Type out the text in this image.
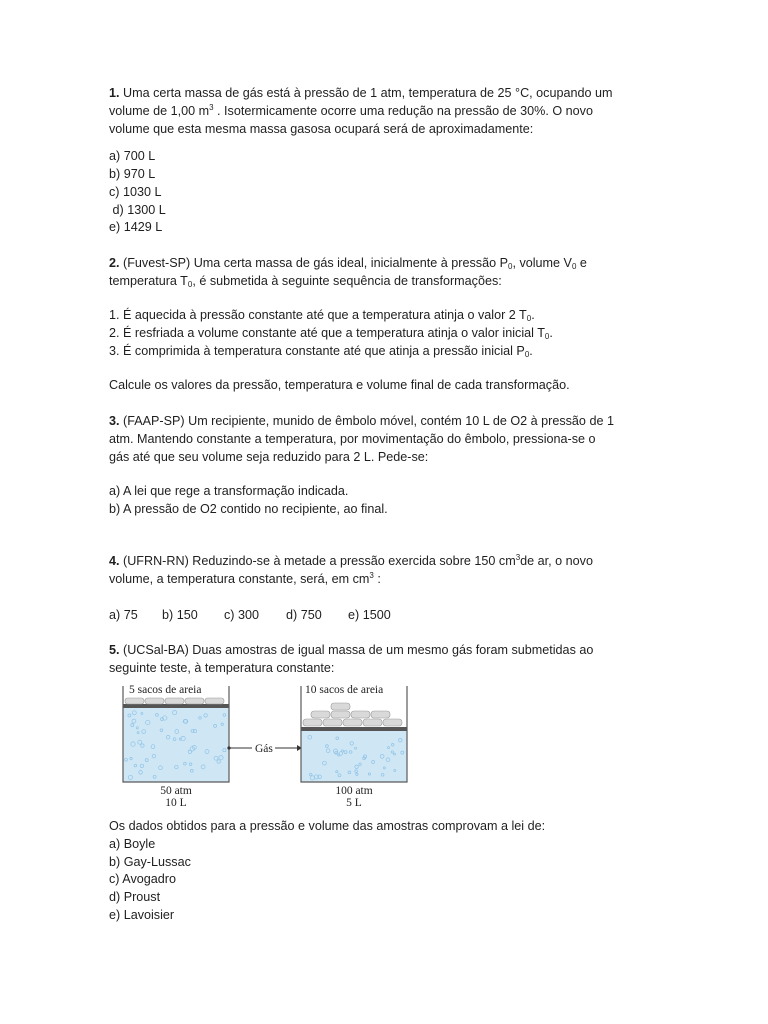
1. Uma certa massa de gás está à pressão de 1 atm, temperatura de 25 °C, ocupando um
volume de 1,00 $m^3$ . Isotermicamente ocorre uma redução na pressão de 30%. O novo
volume que esta mesma massa gasosa ocupará será de aproximadamente:
a) 700 L
b) 970 L
c) 1030 L
d) 1300 L
e) 1429 L
2. (Fuvest-SP) Uma certa massa de gás ideal, inicialmente à pressão $P_0$, volume $V_0$ e
temperatura $T_0$, é submetida à seguinte sequência de transformações:
1. É aquecida à pressão constante até que a temperatura atinja o valor 2 $T_0$.
2. É resfriada a volume constante até que a temperatura atinja o valor inicial $T_0$.
3. É comprimida à temperatura constante até que atinja a pressão inicial $P_0$.
Calcule os valores da pressão, temperatura e volume final de cada transformação.
3. (FAAP-SP) Um recipiente, munido de êmbolo móvel, contém 10 L de O2 à pressão de 1
atm. Mantendo constante a temperatura, por movimentação do êmbolo, pressiona-se o
gás até que seu volume seja reduzido para 2 L. Pede-se:
a) A lei que rege a transformação indicada.
b) A pressão de O2 contido no recipiente, ao final.
4. (UFRN-RN) Reduzindo-se à metade a pressão exercida sobre 150 $cm^3de$ ar, o novo
volume, a temperatura constante, será, em $cm^3$ :
a) 75 b) 150 c) 300 d) 750 e) 1500
5. (UCSal-BA) Duas amostras de igual massa de um mesmo gás foram submetidas ao
seguinte teste, à temperatura constante:
5 sacos de areia
50 atm
10 L
Gás
10 sacos de areia
100 atm
5 L
Os dados obtidos para a pressão e volume das amostras comprovam a lei de:
a) Boyle
b) Gay-Lussac
c) Avogadro
d) Proust
e) Lavoisier
